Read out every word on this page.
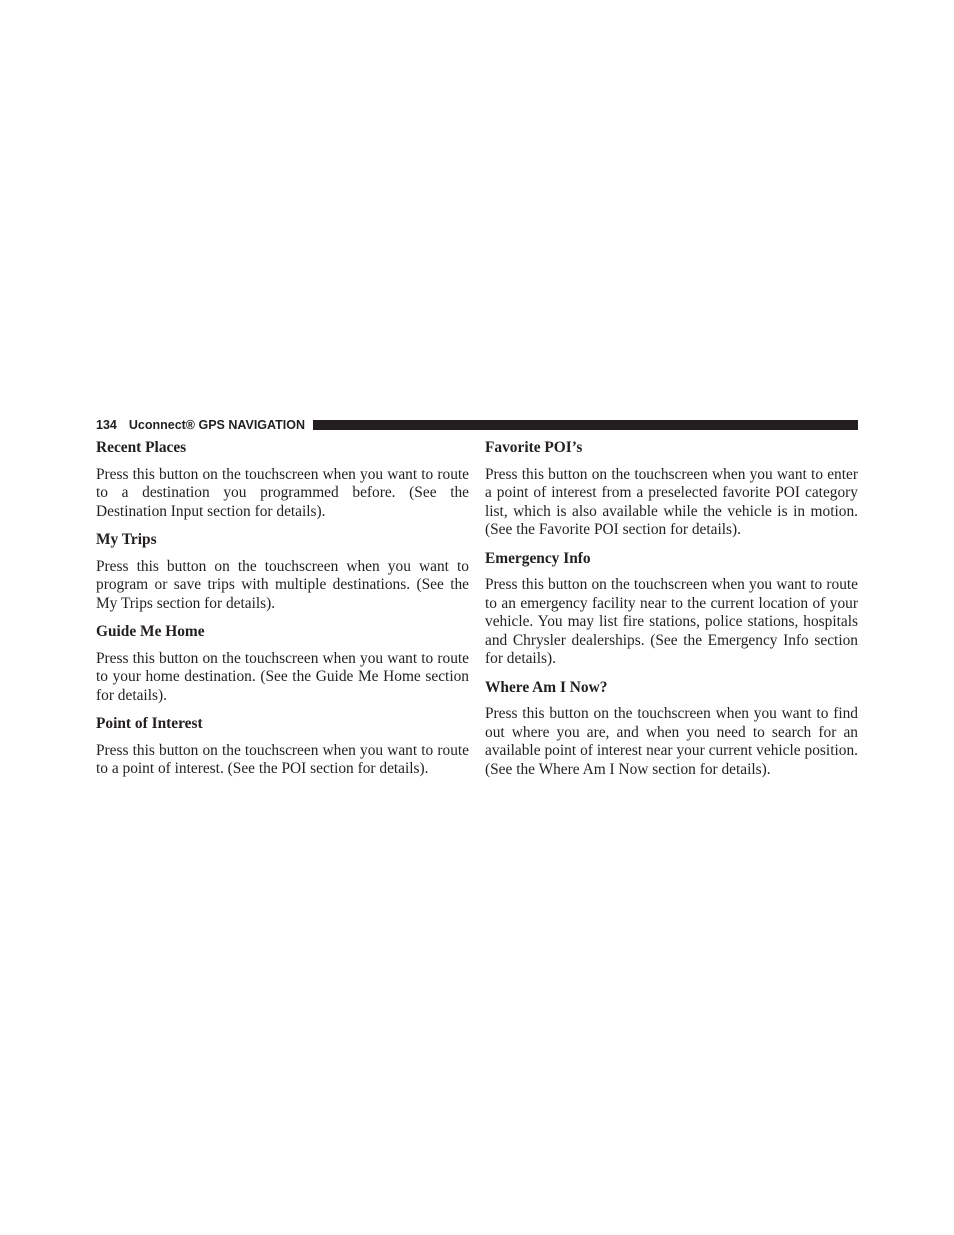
134 Uconnect® GPS NAVIGATION
Recent Places

Press this button on the touchscreen when you want to route to a destination you programmed before. (See the Destination Input section for details).

My Trips

Press this button on the touchscreen when you want to program or save trips with multiple destinations. (See the My Trips section for details).

Guide Me Home

Press this button on the touchscreen when you want to route to your home destination. (See the Guide Me Home section for details).

Point of Interest

Press this button on the touchscreen when you want to route to a point of interest. (See the POI section for details).

Favorite POI’s

Press this button on the touchscreen when you want to enter a point of interest from a preselected favorite POI category list, which is also available while the vehicle is in motion. (See the Favorite POI section for details).

Emergency Info

Press this button on the touchscreen when you want to route to an emergency facility near to the current location of your vehicle. You may list fire stations, police stations, hospitals and Chrysler dealerships. (See the Emergency Info section for details).

Where Am I Now?

Press this button on the touchscreen when you want to find out where you are, and when you need to search for an available point of interest near your current vehicle position. (See the Where Am I Now section for details).
